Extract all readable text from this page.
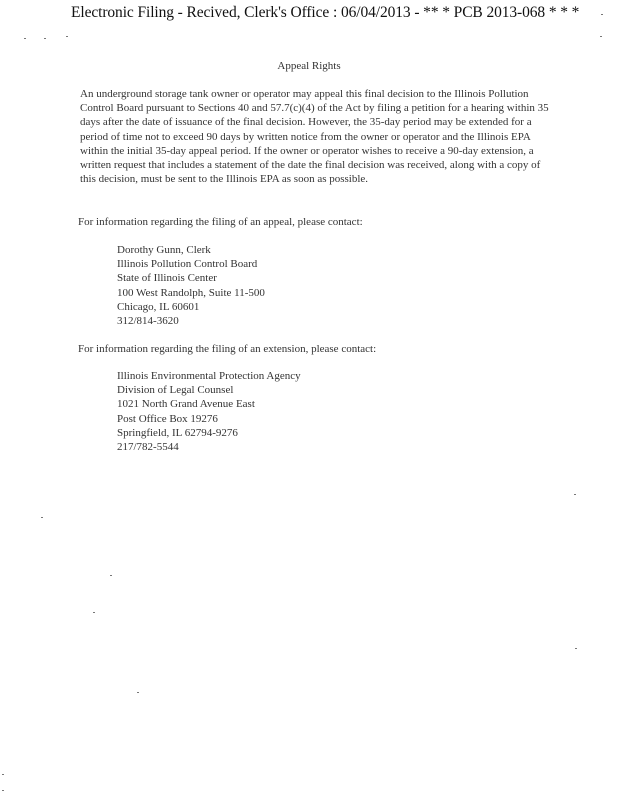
Electronic Filing - Recived, Clerk's Office : 06/04/2013 - ** * PCB 2013-068 * * *
Appeal Rights
An underground storage tank owner or operator may appeal this final decision to the Illinois Pollution Control Board pursuant to Sections 40 and 57.7(c)(4) of the Act by filing a petition for a hearing within 35 days after the date of issuance of the final decision. However, the 35-day period may be extended for a period of time not to exceed 90 days by written notice from the owner or operator and the Illinois EPA within the initial 35-day appeal period. If the owner or operator wishes to receive a 90-day extension, a written request that includes a statement of the date the final decision was received, along with a copy of this decision, must be sent to the Illinois EPA as soon as possible.
For information regarding the filing of an appeal, please contact:
Dorothy Gunn, Clerk
Illinois Pollution Control Board
State of Illinois Center
100 West Randolph, Suite 11-500
Chicago, IL 60601
312/814-3620
For information regarding the filing of an extension, please contact:
Illinois Environmental Protection Agency
Division of Legal Counsel
1021 North Grand Avenue East
Post Office Box 19276
Springfield, IL 62794-9276
217/782-5544
